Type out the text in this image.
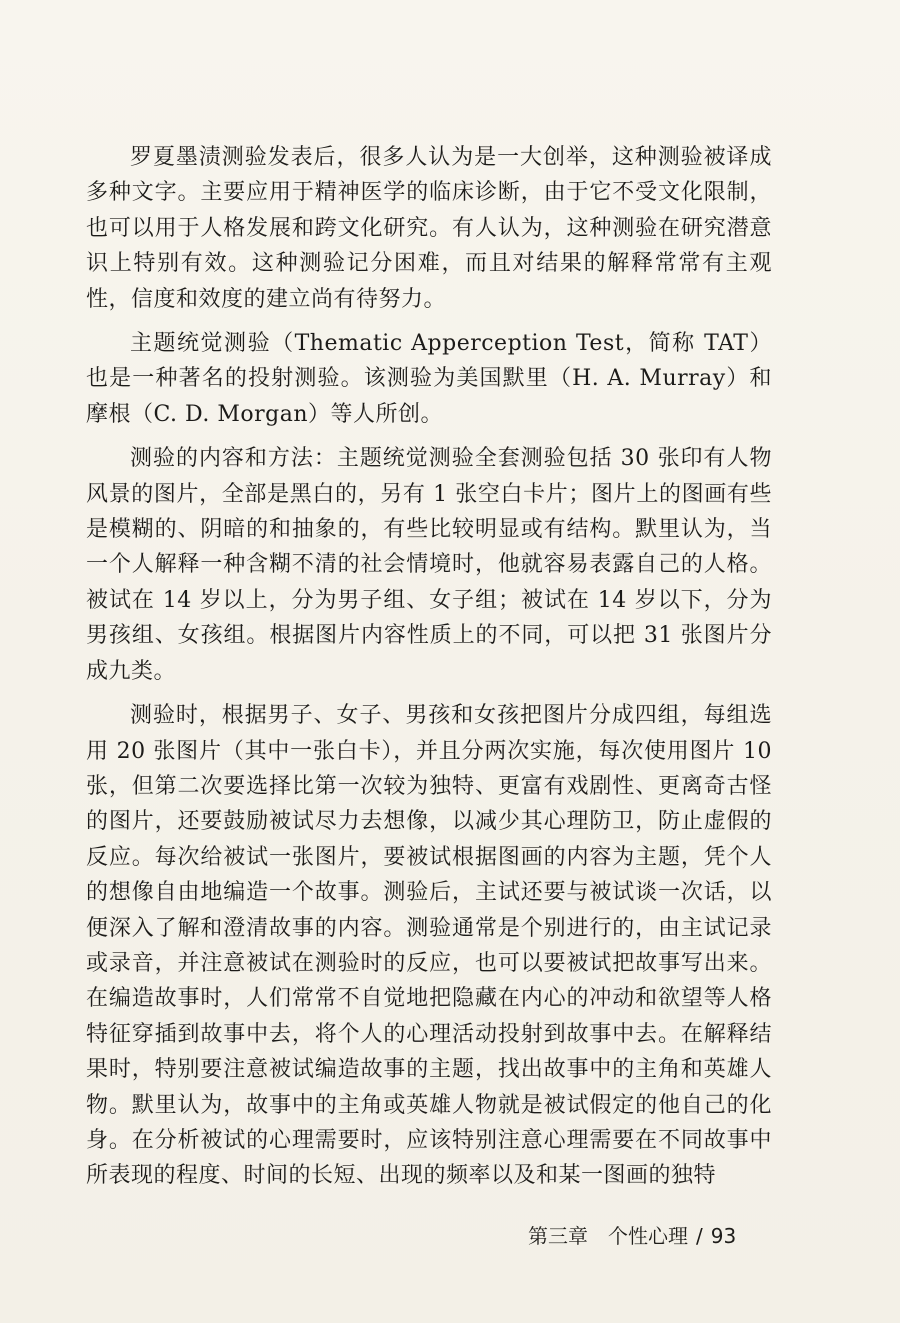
罗夏墨渍测验发表后，很多人认为是一大创举，这种测验被译成多种文字。主要应用于精神医学的临床诊断，由于它不受文化限制，也可以用于人格发展和跨文化研究。有人认为，这种测验在研究潜意识上特别有效。这种测验记分困难，而且对结果的解释常常有主观性，信度和效度的建立尚有待努力。

主题统觉测验（Thematic Apperception Test，简称 TAT）也是一种著名的投射测验。该测验为美国默里（H. A. Murray）和摩根（C. D. Morgan）等人所创。

测验的内容和方法：主题统觉测验全套测验包括 30 张印有人物风景的图片，全部是黑白的，另有 1 张空白卡片；图片上的图画有些是模糊的、阴暗的和抽象的，有些比较明显或有结构。默里认为，当一个人解释一种含糊不清的社会情境时，他就容易表露自己的人格。被试在 14 岁以上，分为男子组、女子组；被试在 14 岁以下，分为男孩组、女孩组。根据图片内容性质上的不同，可以把 31 张图片分成九类。

测验时，根据男子、女子、男孩和女孩把图片分成四组，每组选用 20 张图片（其中一张白卡），并且分两次实施，每次使用图片 10 张，但第二次要选择比第一次较为独特、更富有戏剧性、更离奇古怪的图片，还要鼓励被试尽力去想像，以减少其心理防卫，防止虚假的反应。每次给被试一张图片，要被试根据图画的内容为主题，凭个人的想像自由地编造一个故事。测验后，主试还要与被试谈一次话，以便深入了解和澄清故事的内容。测验通常是个别进行的，由主试记录或录音，并注意被试在测验时的反应，也可以要被试把故事写出来。在编造故事时，人们常常不自觉地把隐藏在内心的冲动和欲望等人格特征穿插到故事中去，将个人的心理活动投射到故事中去。在解释结果时，特别要注意被试编造故事的主题，找出故事中的主角和英雄人物。默里认为，故事中的主角或英雄人物就是被试假定的他自己的化身。在分析被试的心理需要时，应该特别注意心理需要在不同故事中所表现的程度、时间的长短、出现的频率以及和某一图画的独特

第三章 个性心理 / 93
